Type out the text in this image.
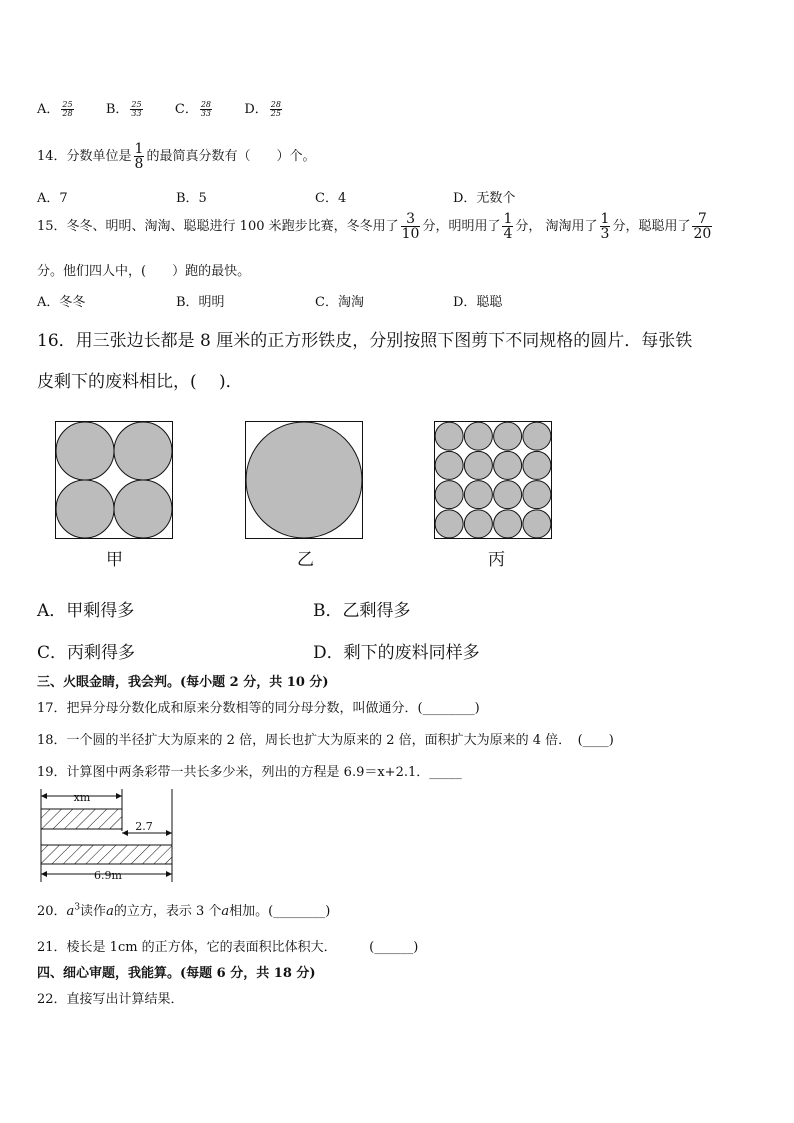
A． $\frac{25}{28}$ B． $\frac{25}{33}$ C． $\frac{28}{33}$ D． $\frac{28}{25}$
14．分数单位是 $\frac{1}{8}$ 的最简真分数有（　　）个。
A．7	B．5	C．4	D．无数个
15．冬冬、明明、淘淘、聪聪进行 100 米跑步比赛，冬冬用了 $\frac{3}{10}$ 分，明明用了 $\frac{1}{4}$ 分， 淘淘用了 $\frac{1}{3}$ 分，聪聪用了 $\frac{7}{20}$
分。他们四人中，(　　）跑的最快。
A．冬冬	B．明明	C．淘淘	D．聪聪
16．用三张边长都是 8 厘米的正方形铁皮，分别按照下图剪下不同规格的圆片．每张铁
皮剩下的废料相比，(　 )．
甲	乙	丙
A．甲剩得多	B．乙剩得多
C．丙剩得多	D．剩下的废料同样多
三、火眼金睛，我会判。(每小题 2 分，共 10 分)
17．把异分母分数化成和原来分数相等的同分母分数，叫做通分．(________)
18．一个圆的半径扩大为原来的 2 倍，周长也扩大为原来的 2 倍，面积扩大为原来的 4 倍．　(____)
19．计算图中两条彩带一共长多少米，列出的方程是 6.9＝x+2.1．_____
xm
2.7
6.9m
20．$a^3$读作a的立方，表示 3 个a相加。(________)
21．棱长是 1cm 的正方体，它的表面积比体积大．　　　(______)
四、细心审题，我能算。(每题 6 分，共 18 分)
22．直接写出计算结果．
